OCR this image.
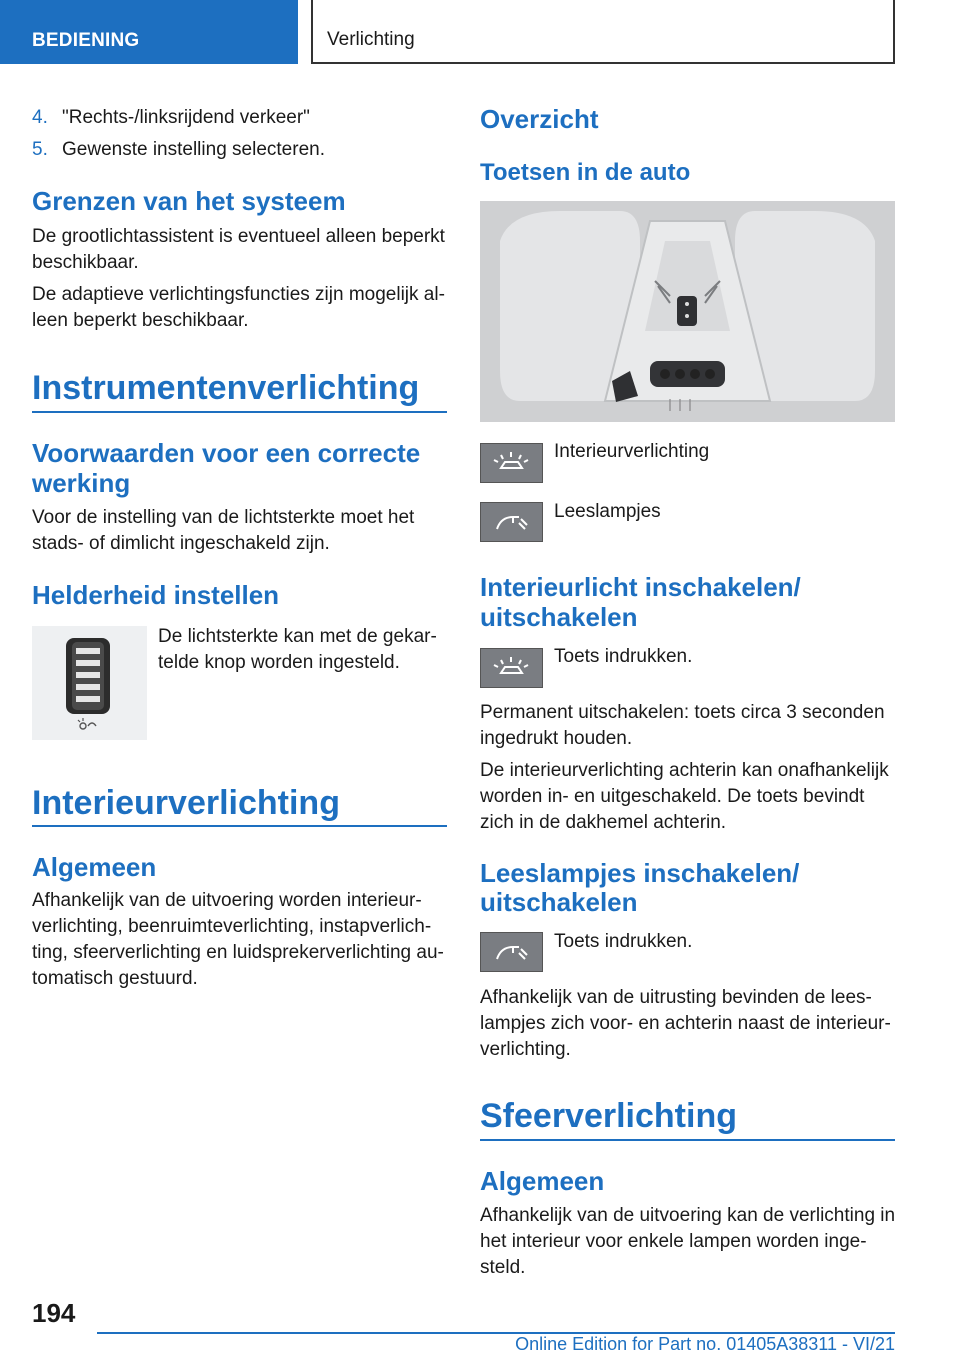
BEDIENING	Verlichting
4. "Rechts-/linksrijdend verkeer"
5. Gewenste instelling selecteren.
Grenzen van het systeem
De grootlichtassistent is eventueel alleen beperkt
beschikbaar.
De adaptieve verlichtingsfuncties zijn mogelijk al-
leen beperkt beschikbaar.
Instrumentenverlichting
Voorwaarden voor een correcte
werking
Voor de instelling van de lichtsterkte moet het
stads- of dimlicht ingeschakeld zijn.
Helderheid instellen
De lichtsterkte kan met de gekar-
telde knop worden ingesteld.
Interieurverlichting
Algemeen
Afhankelijk van de uitvoering worden interieur-
verlichting, beenruimteverlichting, instapverlich-
ting, sfeerverlichting en luidsprekerverlichting au-
tomatisch gestuurd.
Overzicht
Toetsen in de auto
Interieurverlichting
Leeslampjes
Interieurlicht inschakelen/
uitschakelen
Toets indrukken.
Permanent uitschakelen: toets circa 3 seconden
ingedrukt houden.
De interieurverlichting achterin kan onafhankelijk
worden in- en uitgeschakeld. De toets bevindt
zich in de dakhemel achterin.
Leeslampjes inschakelen/
uitschakelen
Toets indrukken.
Afhankelijk van de uitrusting bevinden de lees-
lampjes zich voor- en achterin naast de interieur-
verlichting.
Sfeerverlichting
Algemeen
Afhankelijk van de uitvoering kan de verlichting in
het interieur voor enkele lampen worden inge-
steld.
194
Online Edition for Part no. 01405A38311 - VI/21
